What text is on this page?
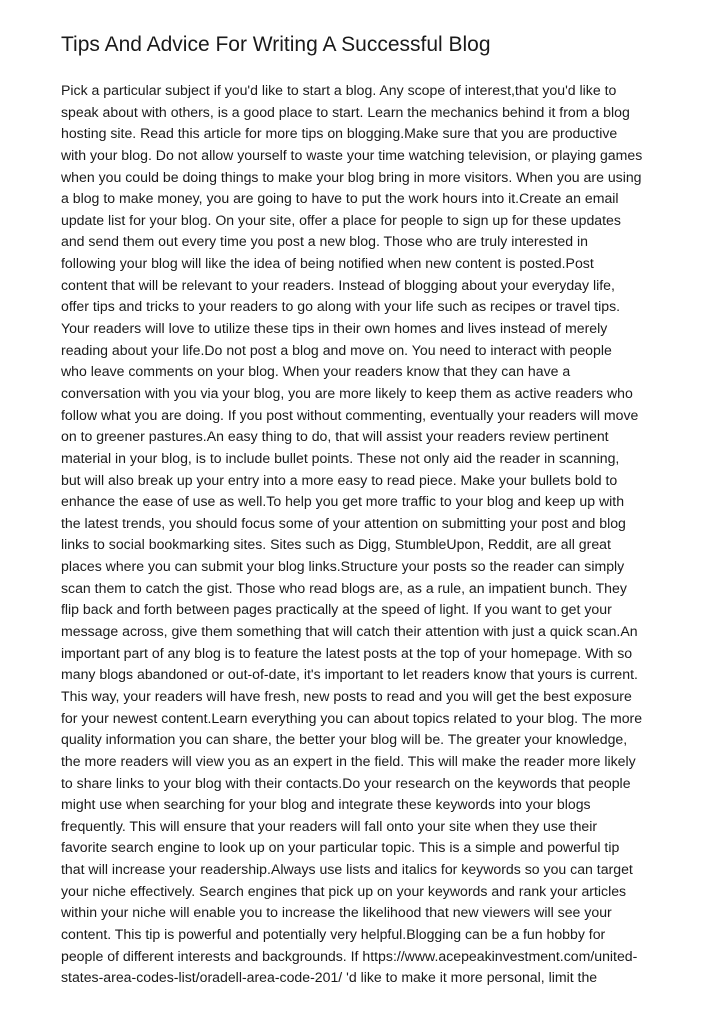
Tips And Advice For Writing A Successful Blog
Pick a particular subject if you'd like to start a blog. Any scope of interest,that you'd like to
speak about with others, is a good place to start. Learn the mechanics behind it from a blog
hosting site. Read this article for more tips on blogging.Make sure that you are productive
with your blog. Do not allow yourself to waste your time watching television, or playing games
when you could be doing things to make your blog bring in more visitors. When you are using
a blog to make money, you are going to have to put the work hours into it.Create an email
update list for your blog. On your site, offer a place for people to sign up for these updates
and send them out every time you post a new blog. Those who are truly interested in
following your blog will like the idea of being notified when new content is posted.Post
content that will be relevant to your readers. Instead of blogging about your everyday life,
offer tips and tricks to your readers to go along with your life such as recipes or travel tips.
Your readers will love to utilize these tips in their own homes and lives instead of merely
reading about your life.Do not post a blog and move on. You need to interact with people
who leave comments on your blog. When your readers know that they can have a
conversation with you via your blog, you are more likely to keep them as active readers who
follow what you are doing. If you post without commenting, eventually your readers will move
on to greener pastures.An easy thing to do, that will assist your readers review pertinent
material in your blog, is to include bullet points. These not only aid the reader in scanning,
but will also break up your entry into a more easy to read piece. Make your bullets bold to
enhance the ease of use as well.To help you get more traffic to your blog and keep up with
the latest trends, you should focus some of your attention on submitting your post and blog
links to social bookmarking sites. Sites such as Digg, StumbleUpon, Reddit, are all great
places where you can submit your blog links.Structure your posts so the reader can simply
scan them to catch the gist. Those who read blogs are, as a rule, an impatient bunch. They
flip back and forth between pages practically at the speed of light. If you want to get your
message across, give them something that will catch their attention with just a quick scan.An
important part of any blog is to feature the latest posts at the top of your homepage. With so
many blogs abandoned or out-of-date, it's important to let readers know that yours is current.
This way, your readers will have fresh, new posts to read and you will get the best exposure
for your newest content.Learn everything you can about topics related to your blog. The more
quality information you can share, the better your blog will be. The greater your knowledge,
the more readers will view you as an expert in the field. This will make the reader more likely
to share links to your blog with their contacts.Do your research on the keywords that people
might use when searching for your blog and integrate these keywords into your blogs
frequently. This will ensure that your readers will fall onto your site when they use their
favorite search engine to look up on your particular topic. This is a simple and powerful tip
that will increase your readership.Always use lists and italics for keywords so you can target
your niche effectively. Search engines that pick up on your keywords and rank your articles
within your niche will enable you to increase the likelihood that new viewers will see your
content. This tip is powerful and potentially very helpful.Blogging can be a fun hobby for
people of different interests and backgrounds. If https://www.acepeakinvestment.com/united-
states-area-codes-list/oradell-area-code-201/ 'd like to make it more personal, limit the
